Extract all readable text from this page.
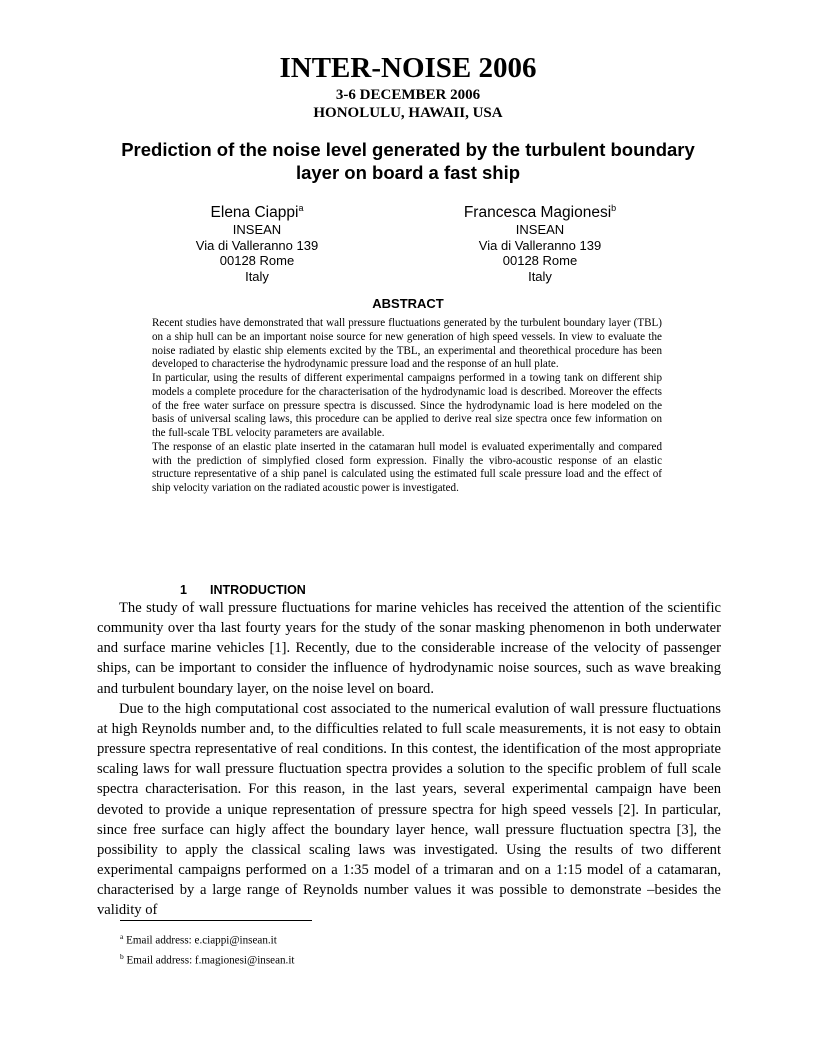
INTER-NOISE 2006
3-6 DECEMBER 2006
HONOLULU, HAWAII, USA
Prediction of the noise level generated by the turbulent boundary layer on board a fast ship
Elena Ciappi$^a$
INSEAN
Via di Valleranno 139
00128 Rome
Italy
Francesca Magionesi$^b$
INSEAN
Via di Valleranno 139
00128 Rome
Italy
ABSTRACT

Recent studies have demonstrated that wall pressure fluctuations generated by the turbulent boundary layer (TBL) on a ship hull can be an important noise source for new generation of high speed vessels. In view to evaluate the noise radiated by elastic ship elements excited by the TBL, an experimental and theorethical procedure has been developed to characterise the hydrodynamic pressure load and the response of an hull plate.

In particular, using the results of different experimental campaigns performed in a towing tank on different ship models a complete procedure for the characterisation of the hydrodynamic load is described. Moreover the effects of the free water surface on pressure spectra is discussed. Since the hydrodynamic load is here modeled on the basis of universal scaling laws, this procedure can be applied to derive real size spectra once few information on the full-scale TBL velocity parameters are available.

The response of an elastic plate inserted in the catamaran hull model is evaluated experimentally and compared with the prediction of simplyfied closed form expression. Finally the vibro-acoustic response of an elastic structure representative of a ship panel is calculated using the estimated full scale pressure load and the effect of ship velocity variation on the radiated acoustic power is investigated.

1 INTRODUCTION

The study of wall pressure fluctuations for marine vehicles has received the attention of the scientific community over tha last fourty years for the study of the sonar masking phenomenon in both underwater and surface marine vehicles [1]. Recently, due to the considerable increase of the velocity of passenger ships, can be important to consider the influence of hydrodynamic noise sources, such as wave breaking and turbulent boundary layer, on the noise level on board.

Due to the high computational cost associated to the numerical evalution of wall pressure fluctuations at high Reynolds number and, to the difficulties related to full scale measurements, it is not easy to obtain pressure spectra representative of real conditions. In this contest, the identification of the most appropriate scaling laws for wall pressure fluctuation spectra provides a solution to the specific problem of full scale spectra characterisation. For this reason, in the last years, several experimental campaign have been devoted to provide a unique representation of pressure spectra for high speed vessels [2]. In particular, since free surface can higly affect the boundary layer hence, wall pressure fluctuation spectra [3], the possibility to apply the classical scaling laws was investigated. Using the results of two different experimental campaigns performed on a 1:35 model of a trimaran and on a 1:15 model of a catamaran, characterised by a large range of Reynolds number values it was possible to demonstrate –besides the validity of

$^a$ Email address: e.ciappi@insean.it
$^b$ Email address: f.magionesi@insean.it
